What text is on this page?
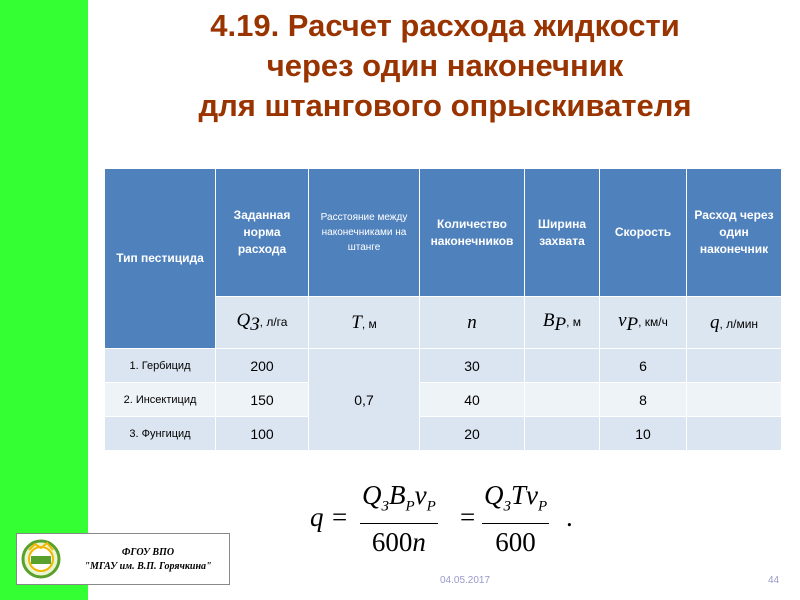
4.19. Расчет расхода жидкости
через один наконечник
для штангового опрыскивателя
Тип пестицида	Заданная норма расхода	Расстояние между наконечниками на штанге	Количество наконечников	Ширина захвата	Скорость	Расход через один наконечник
	$Q_З$, л/га	Т, м	n	$В_Р$, м	$v_Р$, км/ч	q, л/мин
1. Гербицид	200	0,7	30		6	
2. Инсектицид	150		40		8	
3. Фунгицид	100		20		10	
q =
$Q_ЗB_Pv_P$
600n
=
$Q_ЗTv_P$
600
.
ФГОУ ВПО
"МГАУ им. В.П. Горячкина"
04.05.2017	44
